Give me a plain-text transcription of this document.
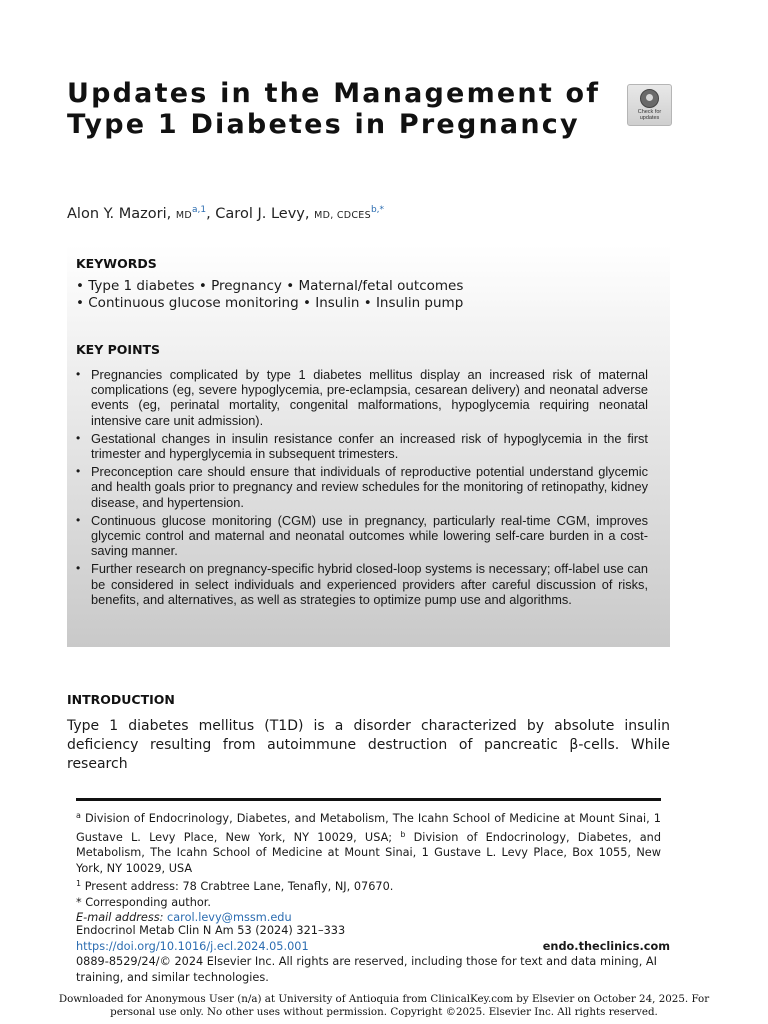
Updates in the Management of Type 1 Diabetes in Pregnancy	Check for
updates
Alon Y. Mazori, MD$^{a,1}$, Carol J. Levy, MD, $CDCES^{b,*}$
KEYWORDS
• Type 1 diabetes • Pregnancy • Maternal/fetal outcomes
• Continuous glucose monitoring • Insulin • Insulin pump
KEY POINTS
• Pregnancies complicated by type 1 diabetes mellitus display an increased risk of maternal complications (eg, severe hypoglycemia, pre-eclampsia, cesarean delivery) and neonatal adverse events (eg, perinatal mortality, congenital malformations, hypoglycemia requiring neonatal intensive care unit admission).
• Gestational changes in insulin resistance confer an increased risk of hypoglycemia in the first trimester and hyperglycemia in subsequent trimesters.
• Preconception care should ensure that individuals of reproductive potential understand glycemic and health goals prior to pregnancy and review schedules for the monitoring of retinopathy, kidney disease, and hypertension.
• Continuous glucose monitoring (CGM) use in pregnancy, particularly real-time CGM, improves glycemic control and maternal and neonatal outcomes while lowering self-care burden in a cost-saving manner.
• Further research on pregnancy-specific hybrid closed-loop systems is necessary; off-label use can be considered in select individuals and experienced providers after careful discussion of risks, benefits, and alternatives, as well as strategies to optimize pump use and algorithms.
INTRODUCTION

Type 1 diabetes mellitus (T1D) is a disorder characterized by absolute insulin deficiency resulting from autoimmune destruction of pancreatic β-cells. While research

$^a$ Division of Endocrinology, Diabetes, and Metabolism, The Icahn School of Medicine at Mount Sinai, 1 Gustave L. Levy Place, New York, NY 10029, USA; $^b$ Division of Endocrinology, Diabetes, and Metabolism, The Icahn School of Medicine at Mount Sinai, 1 Gustave L. Levy Place, Box 1055, New York, NY 10029, USA

$^1$ Present address: 78 Crabtree Lane, Tenafly, NJ, 07670.

* Corresponding author.

E-mail address: carol.levy@mssm.edu

Endocrinol Metab Clin N Am 53 (2024) 321–333
https://doi.org/10.1016/j.ecl.2024.05.001	endo.theclinics.com
0889-8529/24/© 2024 Elsevier Inc. All rights are reserved, including those for text and data mining, AI training, and similar technologies.
Downloaded for Anonymous User (n/a) at University of Antioquia from ClinicalKey.com by Elsevier on October 24, 2025. For personal use only. No other uses without permission. Copyright ©2025. Elsevier Inc. All rights reserved.
